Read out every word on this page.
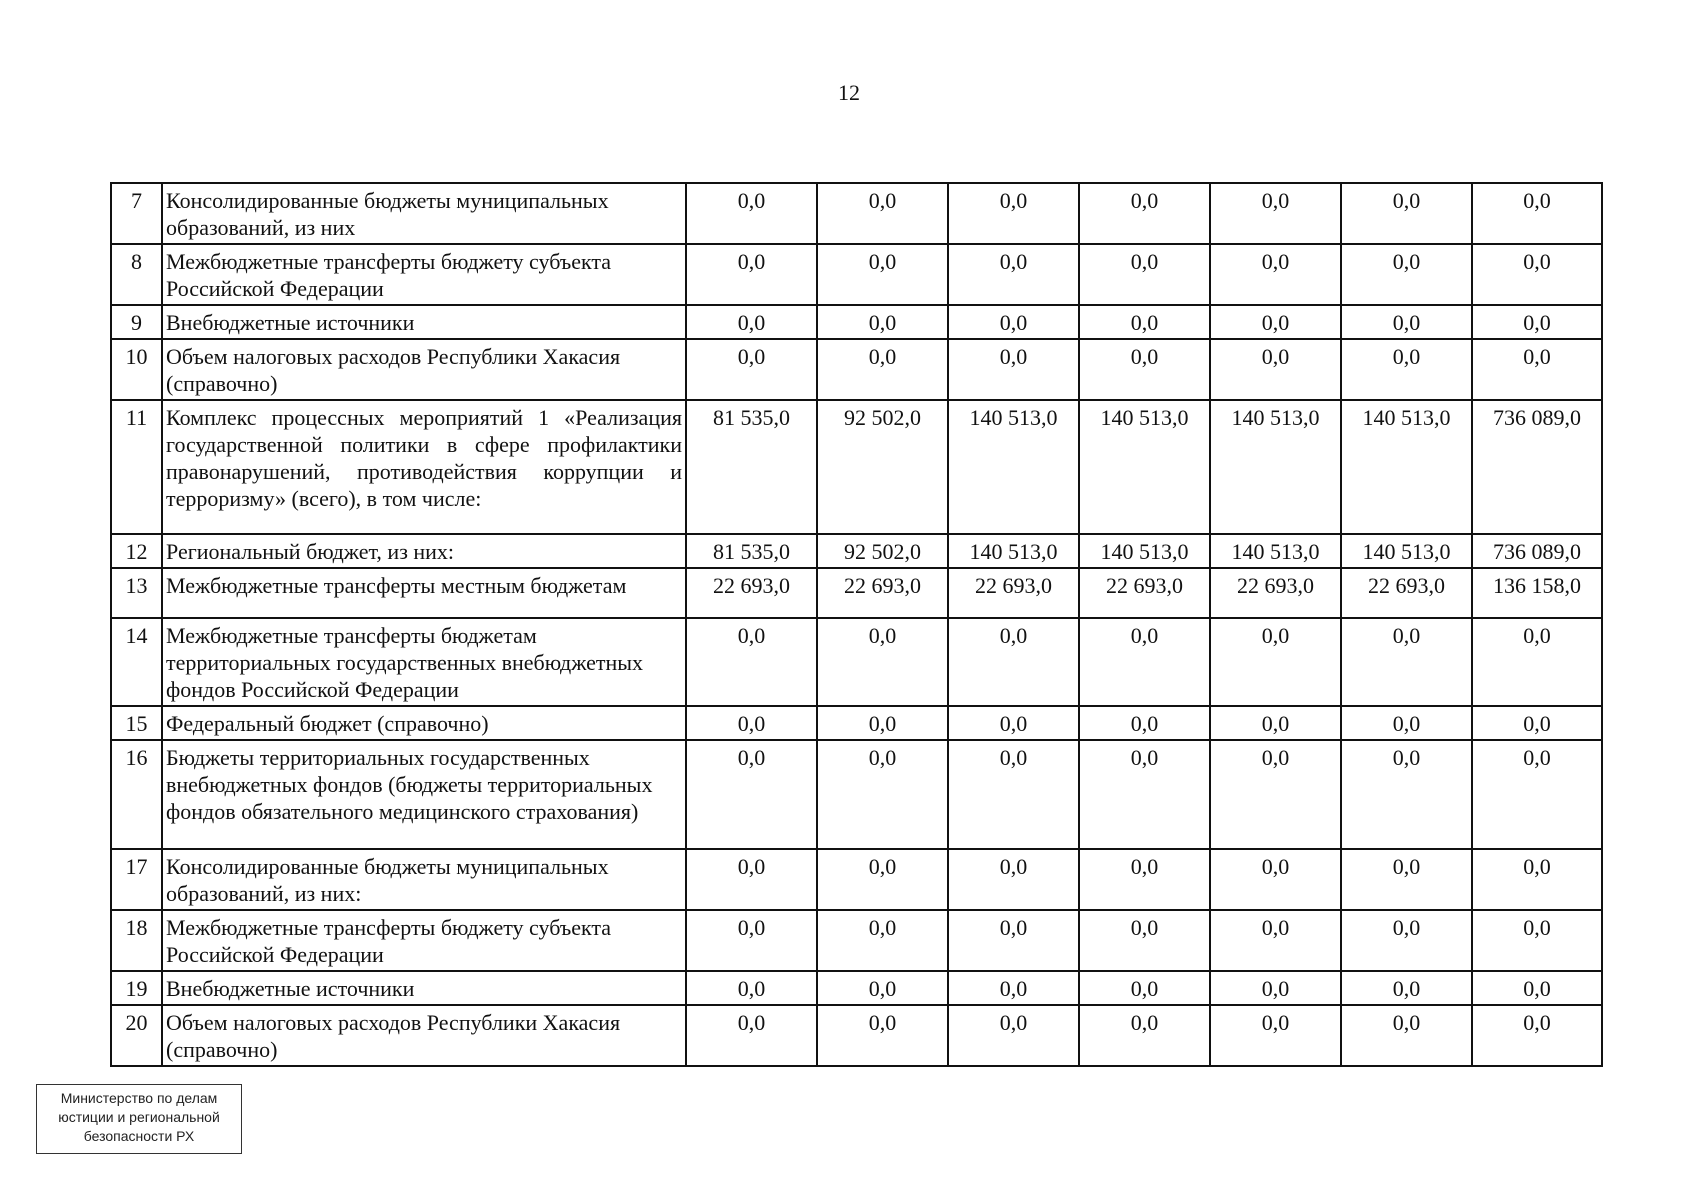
12
7	Консолидированные бюджеты муниципальных образований, из них	0,0	0,0	0,0	0,0	0,0	0,0	0,0
8	Межбюджетные трансферты бюджету субъекта Российской Федерации	0,0	0,0	0,0	0,0	0,0	0,0	0,0
9	Внебюджетные источники	0,0	0,0	0,0	0,0	0,0	0,0	0,0
10	Объем налоговых расходов Республики Хакасия (справочно)	0,0	0,0	0,0	0,0	0,0	0,0	0,0
11	Комплекс процессных мероприятий 1 «Реализация государственной политики в сфере профилактики правонарушений, противодействия коррупции и терроризму» (всего), в том числе:	81 535,0	92 502,0	140 513,0	140 513,0	140 513,0	140 513,0	736 089,0
12	Региональный бюджет, из них:	81 535,0	92 502,0	140 513,0	140 513,0	140 513,0	140 513,0	736 089,0
13	Межбюджетные трансферты местным бюджетам	22 693,0	22 693,0	22 693,0	22 693,0	22 693,0	22 693,0	136 158,0
14	Межбюджетные трансферты бюджетам территориальных государственных внебюджетных фондов Российской Федерации	0,0	0,0	0,0	0,0	0,0	0,0	0,0
15	Федеральный бюджет (справочно)	0,0	0,0	0,0	0,0	0,0	0,0	0,0
16	Бюджеты территориальных государственных внебюджетных фондов (бюджеты территориальных фондов обязательного медицинского страхования)	0,0	0,0	0,0	0,0	0,0	0,0	0,0
17	Консолидированные бюджеты муниципальных образований, из них:	0,0	0,0	0,0	0,0	0,0	0,0	0,0
18	Межбюджетные трансферты бюджету субъекта Российской Федерации	0,0	0,0	0,0	0,0	0,0	0,0	0,0
19	Внебюджетные источники	0,0	0,0	0,0	0,0	0,0	0,0	0,0
20	Объем налоговых расходов Республики Хакасия (справочно)	0,0	0,0	0,0	0,0	0,0	0,0	0,0
Министерство по делам
юстиции и региональной
безопасности РХ
